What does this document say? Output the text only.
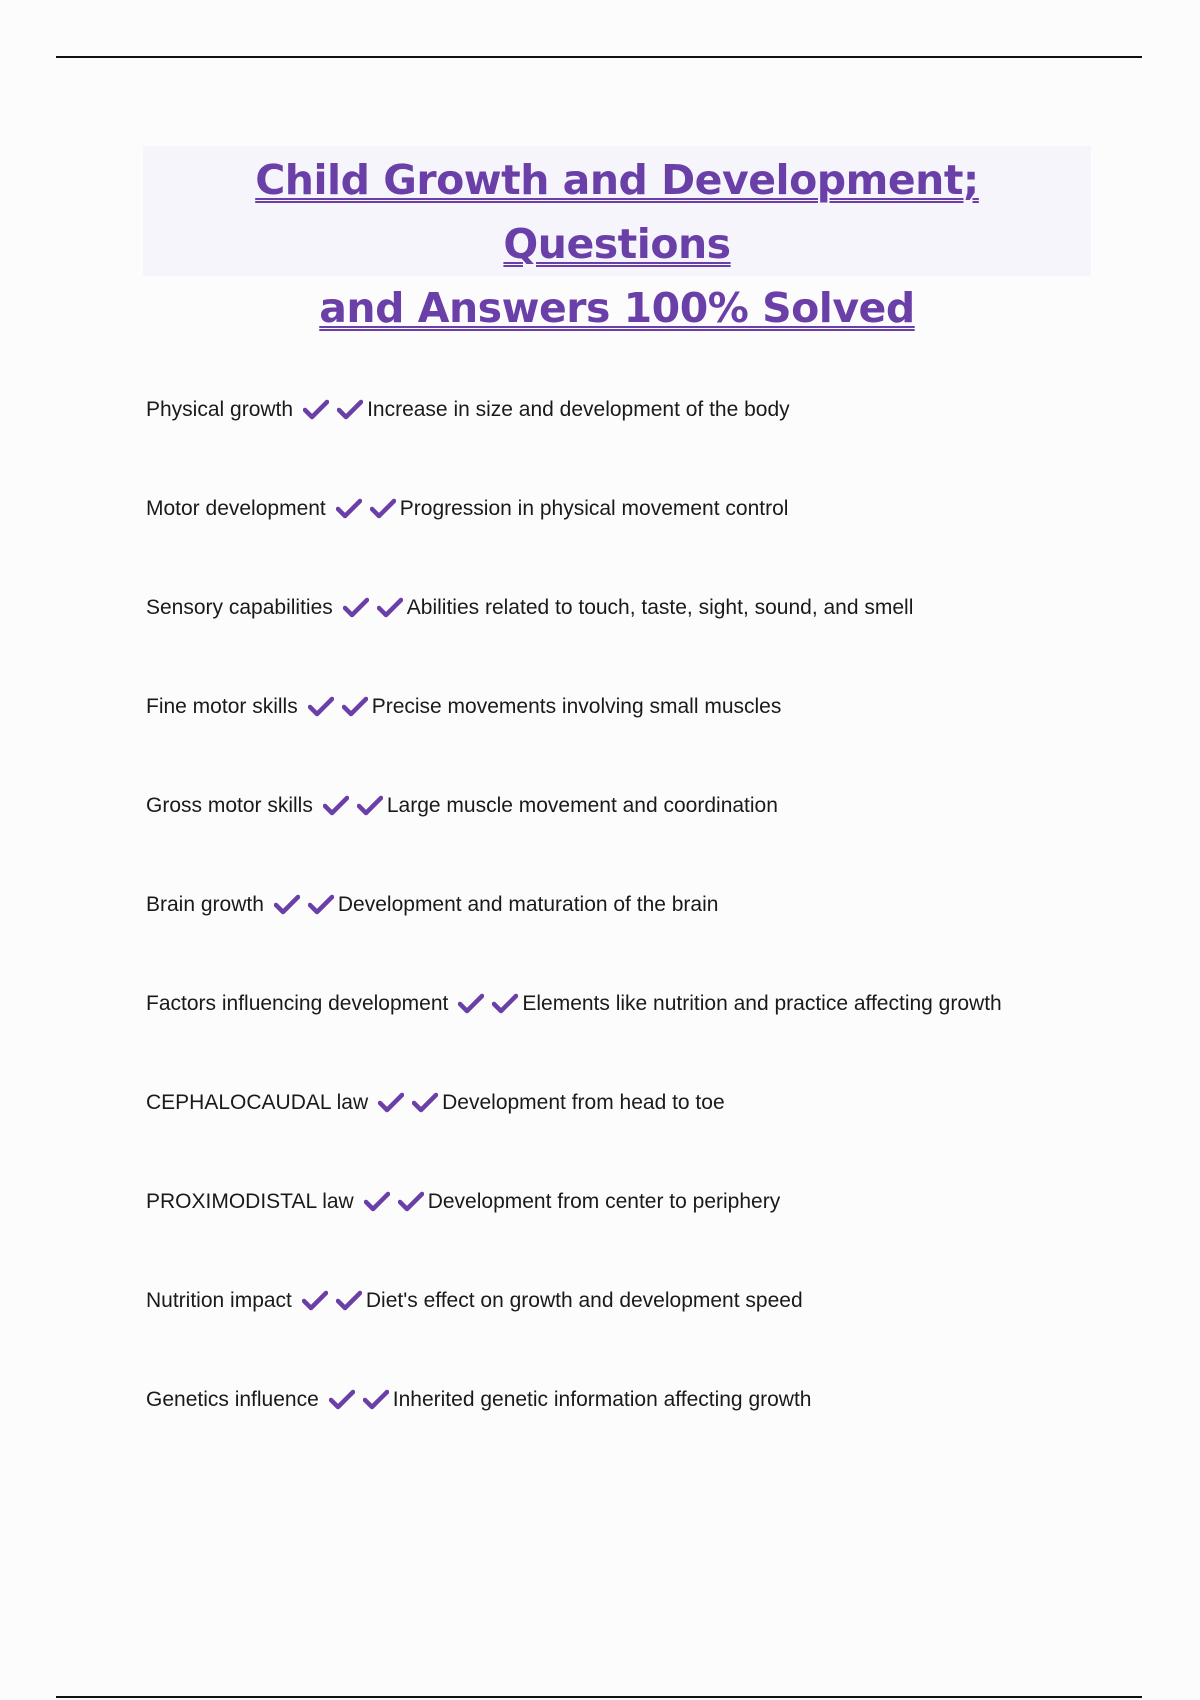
Child Growth and Development; Questions
and Answers 100% Solved
Physical growth	Increase in size and development of the body
Motor development	Progression in physical movement control
Sensory capabilities	Abilities related to touch, taste, sight, sound, and smell
Fine motor skills	Precise movements involving small muscles
Gross motor skills	Large muscle movement and coordination
Brain growth	Development and maturation of the brain
Factors influencing development	Elements like nutrition and practice affecting growth
CEPHALOCAUDAL law	Development from head to toe
PROXIMODISTAL law	Development from center to periphery
Nutrition impact	Diet's effect on growth and development speed
Genetics influence	Inherited genetic information affecting growth
